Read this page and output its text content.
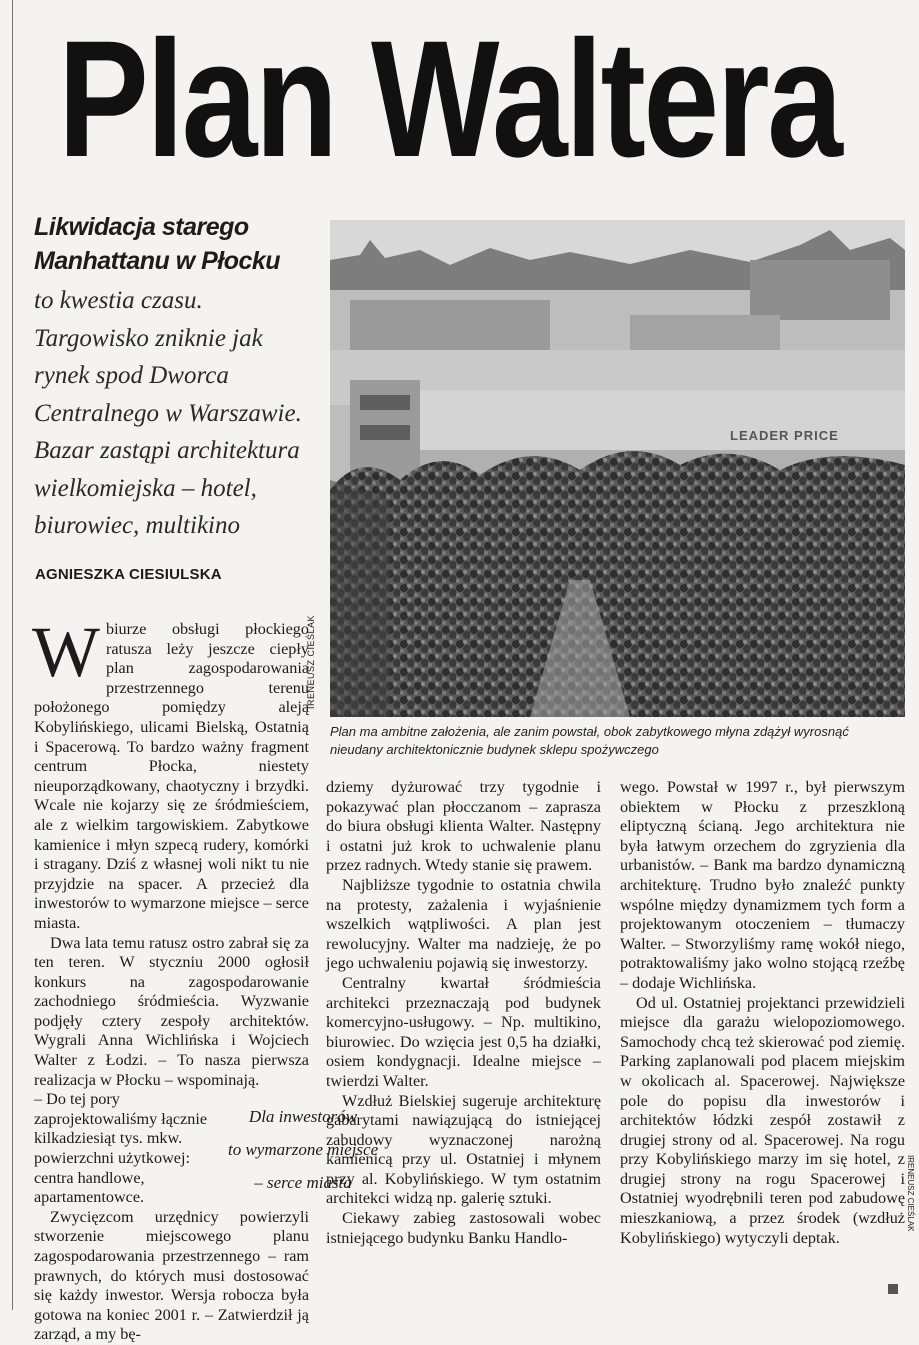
Plan Waltera
Likwidacja starego
Manhattanu w Płocku
to kwestia czasu.
Targowisko zniknie jak
rynek spod Dworca
Centralnego w Warszawie.
Bazar zastąpi architektura
wielkomiejska – hotel,
biurowiec, multikino
AGNIESZKA CIESIULSKA
LEADER PRICE
IRENEUSZ CIEŚLAK
Plan ma ambitne założenia, ale zanim powstał, obok zabytkowego młyna zdążył wyrosnąć nieudany architektonicznie budynek sklepu spożywczego

Wbiurze obsługi płockiego ratusza leży jeszcze ciepły plan zagospodarowania przestrzennego terenu położonego pomiędzy aleją Kobylińskiego, ulicami Bielską, Ostatnią i Spacerową. To bardzo ważny fragment centrum Płocka, niestety nieuporządkowany, chaotyczny i brzydki. Wcale nie kojarzy się ze śródmieściem, ale z wielkim targowiskiem. Zabytkowe kamienice i młyn szpecą rudery, komórki i stragany. Dziś z własnej woli nikt tu nie przyjdzie na spacer. A przecież dla inwestorów to wymarzone miejsce – serce miasta.

Dwa lata temu ratusz ostro zabrał się za ten teren. W styczniu 2000 ogłosił konkurs na zagospodarowanie zachodniego śródmieścia. Wyzwanie podjęły cztery zespoły architektów. Wygrali Anna Wichlińska i Wojciech Walter z Łodzi. – To nasza pierwsza realizacja w Płocku – wspominają.

– Do tej pory zaprojektowaliśmy łącznie kilkadziesiąt tys. mkw. powierzchni użytkowej: centra handlowe, apartamentowce.

Zwycięzcom urzędnicy powierzyli stworzenie miejscowego planu zagospodarowania przestrzennego – ram prawnych, do których musi dostosować się każdy inwestor. Wersja robocza była gotowa na koniec 2001 r. – Zatwierdził ją zarząd, a my bę-

Dla inwestorów
to wymarzone miejsce
– serce miasta

dziemy dyżurować trzy tygodnie i pokazywać plan płocczanom – zaprasza do biura obsługi klienta Walter. Następny i ostatni już krok to uchwalenie planu przez radnych. Wtedy stanie się prawem.

Najbliższe tygodnie to ostatnia chwila na protesty, zażalenia i wyjaśnienie wszelkich wątpliwości. A plan jest rewolucyjny. Walter ma nadzieję, że po jego uchwaleniu pojawią się inwestorzy.

Centralny kwartał śródmieścia architekci przeznaczają pod budynek komercyjno-usługowy. – Np. multikino, biurowiec. Do wzięcia jest 0,5 ha działki, osiem kondygnacji. Idealne miejsce – twierdzi Walter.

Wzdłuż Bielskiej sugeruje architekturę gabarytami nawiązującą do istniejącej zabudowy wyznaczonej narożną kamienicą przy ul. Ostatniej i młynem przy al. Kobylińskiego. W tym ostatnim architekci widzą np. galerię sztuki.

Ciekawy zabieg zastosowali wobec istniejącego budynku Banku Handlo-

wego. Powstał w 1997 r., był pierwszym obiektem w Płocku z przeszkloną eliptyczną ścianą. Jego architektura nie była łatwym orzechem do zgryzienia dla urbanistów. – Bank ma bardzo dynamiczną architekturę. Trudno było znaleźć punkty wspólne między dynamizmem tych form a projektowanym otoczeniem – tłumaczy Walter. – Stworzyliśmy ramę wokół niego, potraktowaliśmy jako wolno stojącą rzeźbę – dodaje Wichlińska.

Od ul. Ostatniej projektanci przewidzieli miejsce dla garażu wielopoziomowego. Samochody chcą też skierować pod ziemię. Parking zaplanowali pod placem miejskim w okolicach al. Spacerowej. Największe pole do popisu dla inwestorów i architektów łódzki zespół zostawił z drugiej strony od al. Spacerowej. Na rogu przy Kobylińskiego marzy im się hotel, z drugiej strony na rogu Spacerowej i Ostatniej wyodrębnili teren pod zabudowę mieszkaniową, a przez środek (wzdłuż Kobylińskiego) wytyczyli deptak.

IRENEUSZ CIEŚLAK
